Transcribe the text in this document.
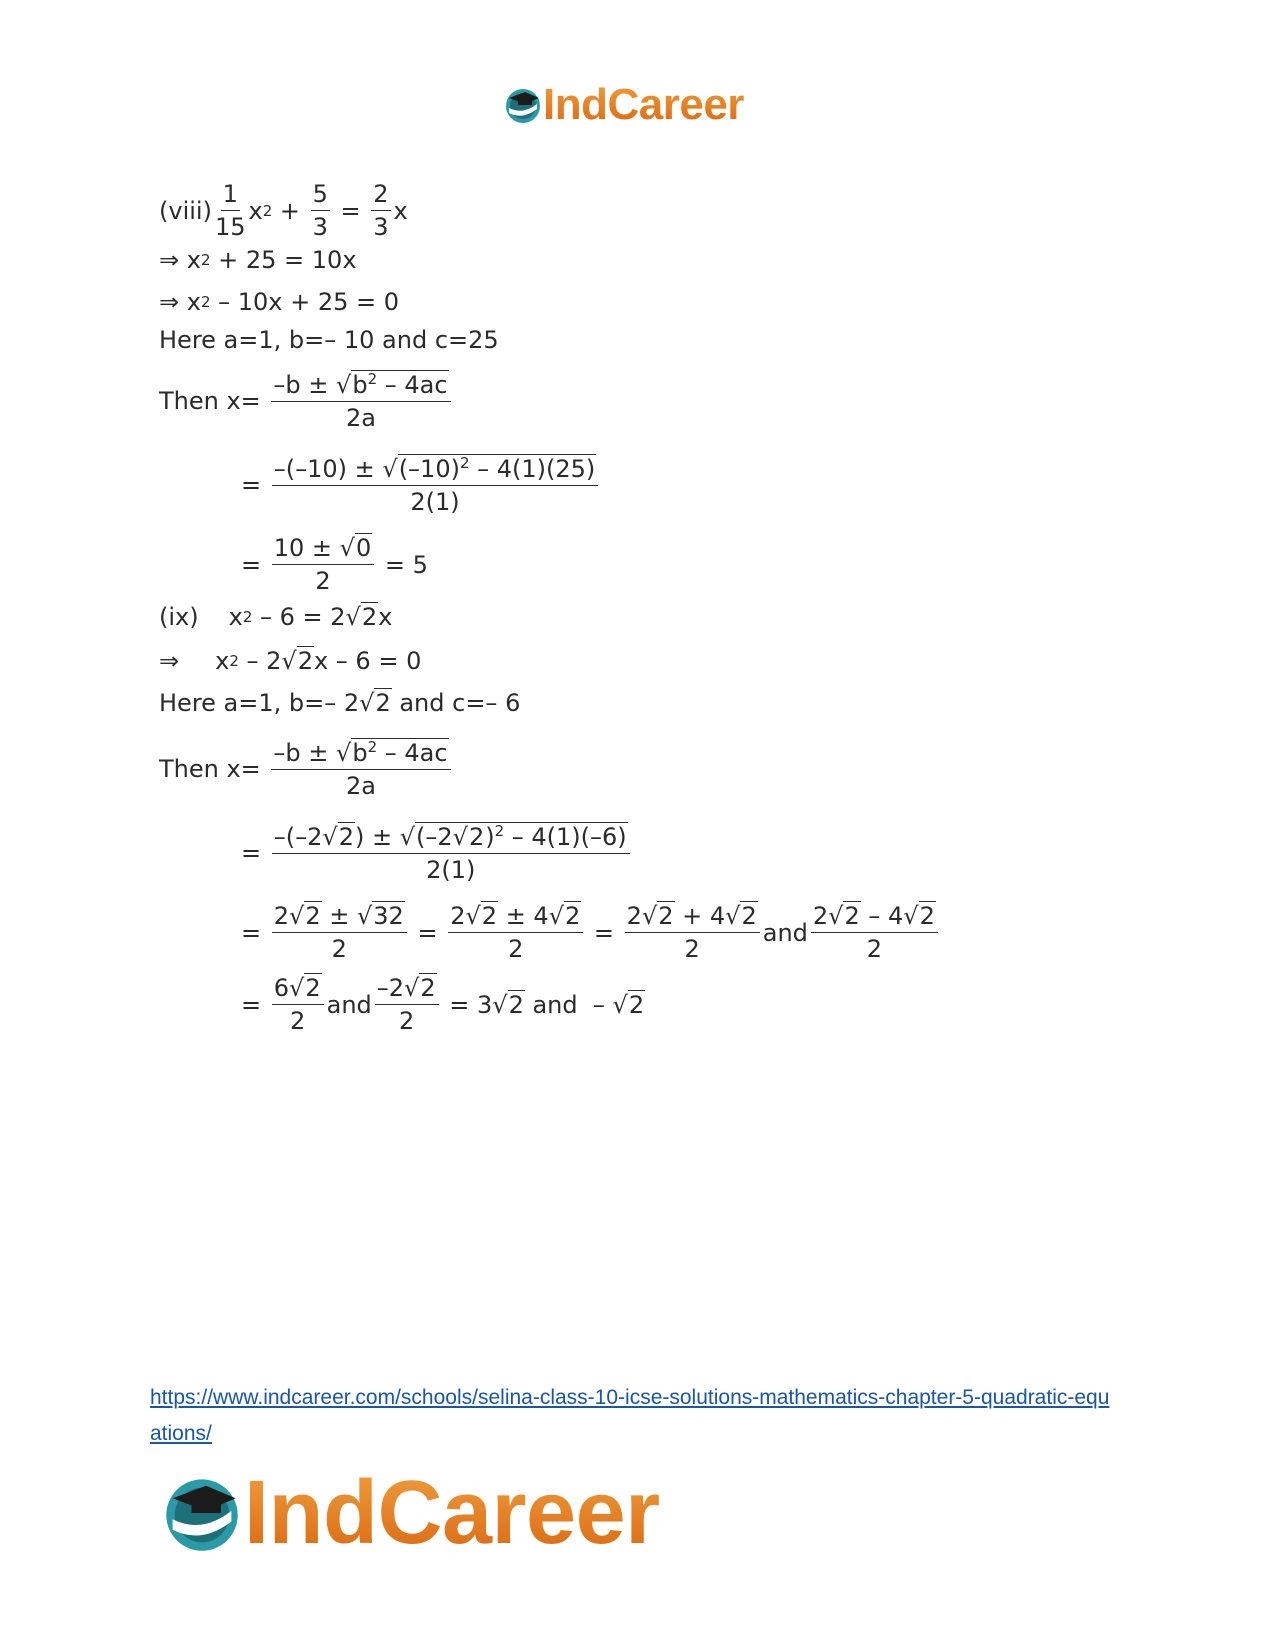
IndCareer
(viii) $\frac{1}{15}$ x $2 + \frac{5}{3} = \frac{2}{3}$ x
⇒ x 2 + 25 = 10x
⇒ x 2 – 10x + 25 = 0
Here a=1, b=– 10 and c=25
Then $x= \frac{-b \pm √b^2 - 4ac}{2a}$
= $\frac{-(-10) \pm √(-10)^2 - 4(1)(25)}{2(1)}$
= $\frac{10 \pm √0}{2} = 5$
(ix) x 2 – 6 = 2 √ 2 x
⇒ x 2 – 2 √ 2 x – 6 = 0
Here a=1, b=– 2 √ 2 and c=– 6
Then $x= \frac{-b \pm √b^2 - 4ac}{2a}$
= $\frac{-(-2√2) \pm √(-2√2)^2 - 4(1)(-6)}{2(1)}$
= $\frac{2√2 \pm √32}{2} = \frac{2√2 \pm 4√2}{2} = \frac{2√2 + 4√2}{2}$ and $\frac{2√2 - 4√2}{2}$
= $\frac{6√2}{2}$ and $\frac{-2√2}{2} = 3$ √ 2 and – √ 2
https://www.indcareer.com/schools/selina-class-10-icse-solutions-mathematics-chapter-5-quadratic-equations/
IndCareer
